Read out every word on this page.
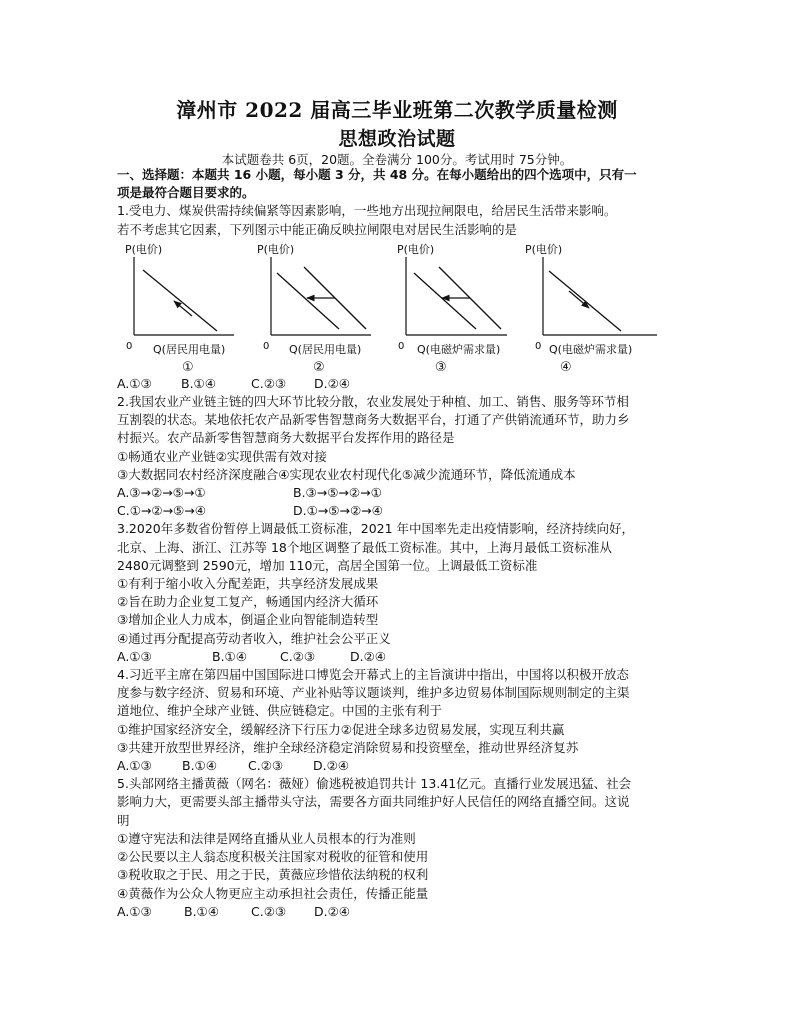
漳州市 2022 届高三毕业班第二次教学质量检测
思想政治试题
本试题卷共 6页，20题。全卷满分 100分。考试用时 75分钟。
一、选择题：本题共 16 小题，每小题 3 分，共 48 分。在每小题给出的四个选项中，只有一
项是最符合题目要求的。
1.受电力、煤炭供需持续偏紧等因素影响，一些地方出现拉闸限电，给居民生活带来影响。
若不考虑其它因素，下列图示中能正确反映拉闸限电对居民生活影响的是
P(电价)
0 Q(居民用电量)
①
P(电价)
0 Q(居民用电量)
②
P(电价)
0 Q(电磁炉需求量)
③
P(电价)
0 Q(电磁炉需求量)
④
A.①③	B.①④	C.②③	D.②④
2.我国农业产业链主链的四大环节比较分散，农业发展处于种植、加工、销售、服务等环节相
互割裂的状态。某地依托农产品新零售智慧商务大数据平台，打通了产供销流通环节，助力乡
村振兴。农产品新零售智慧商务大数据平台发挥作用的路径是
①畅通农业产业链②实现供需有效对接
③大数据同农村经济深度融合④实现农业农村现代化⑤减少流通环节，降低流通成本
A.③→②→⑤→①	B.③→⑤→②→①
C.①→②→⑤→④	D.①→⑤→②→④
3.2020年多数省份暂停上调最低工资标准，2021 年中国率先走出疫情影响，经济持续向好，
北京、上海、浙江、江苏等 18个地区调整了最低工资标准。其中，上海月最低工资标准从
2480元调整到 2590元，增加 110元，高居全国第一位。上调最低工资标准
①有利于缩小收入分配差距，共享经济发展成果
②旨在助力企业复工复产，畅通国内经济大循环
③增加企业人力成本，倒逼企业向智能制造转型
④通过再分配提高劳动者收入，维护社会公平正义
A.①③	B.①④	C.②③	D.②④
4.习近平主席在第四届中国国际进口博览会开幕式上的主旨演讲中指出，中国将以积极开放态
度参与数字经济、贸易和环境、产业补贴等议题谈判，维护多边贸易体制国际规则制定的主渠
道地位、维护全球产业链、供应链稳定。中国的主张有利于
①维护国家经济安全，缓解经济下行压力②促进全球多边贸易发展，实现互利共赢
③共建开放型世界经济，维护全球经济稳定消除贸易和投资壁垒，推动世界经济复苏
A.①③	B.①④	C.②③	D.②④
5.头部网络主播黄薇（网名：薇娅）偷逃税被追罚共计 13.41亿元。直播行业发展迅猛、社会
影响力大，更需要头部主播带头守法，需要各方面共同维护好人民信任的网络直播空间。这说
明
①遵守宪法和法律是网络直播从业人员根本的行为准则
②公民要以主人翁态度积极关注国家对税收的征管和使用
③税收取之于民、用之于民，黄薇应珍惜依法纳税的权利
④黄薇作为公众人物更应主动承担社会责任，传播正能量
A.①③	B.①④	C.②③	D.②④
